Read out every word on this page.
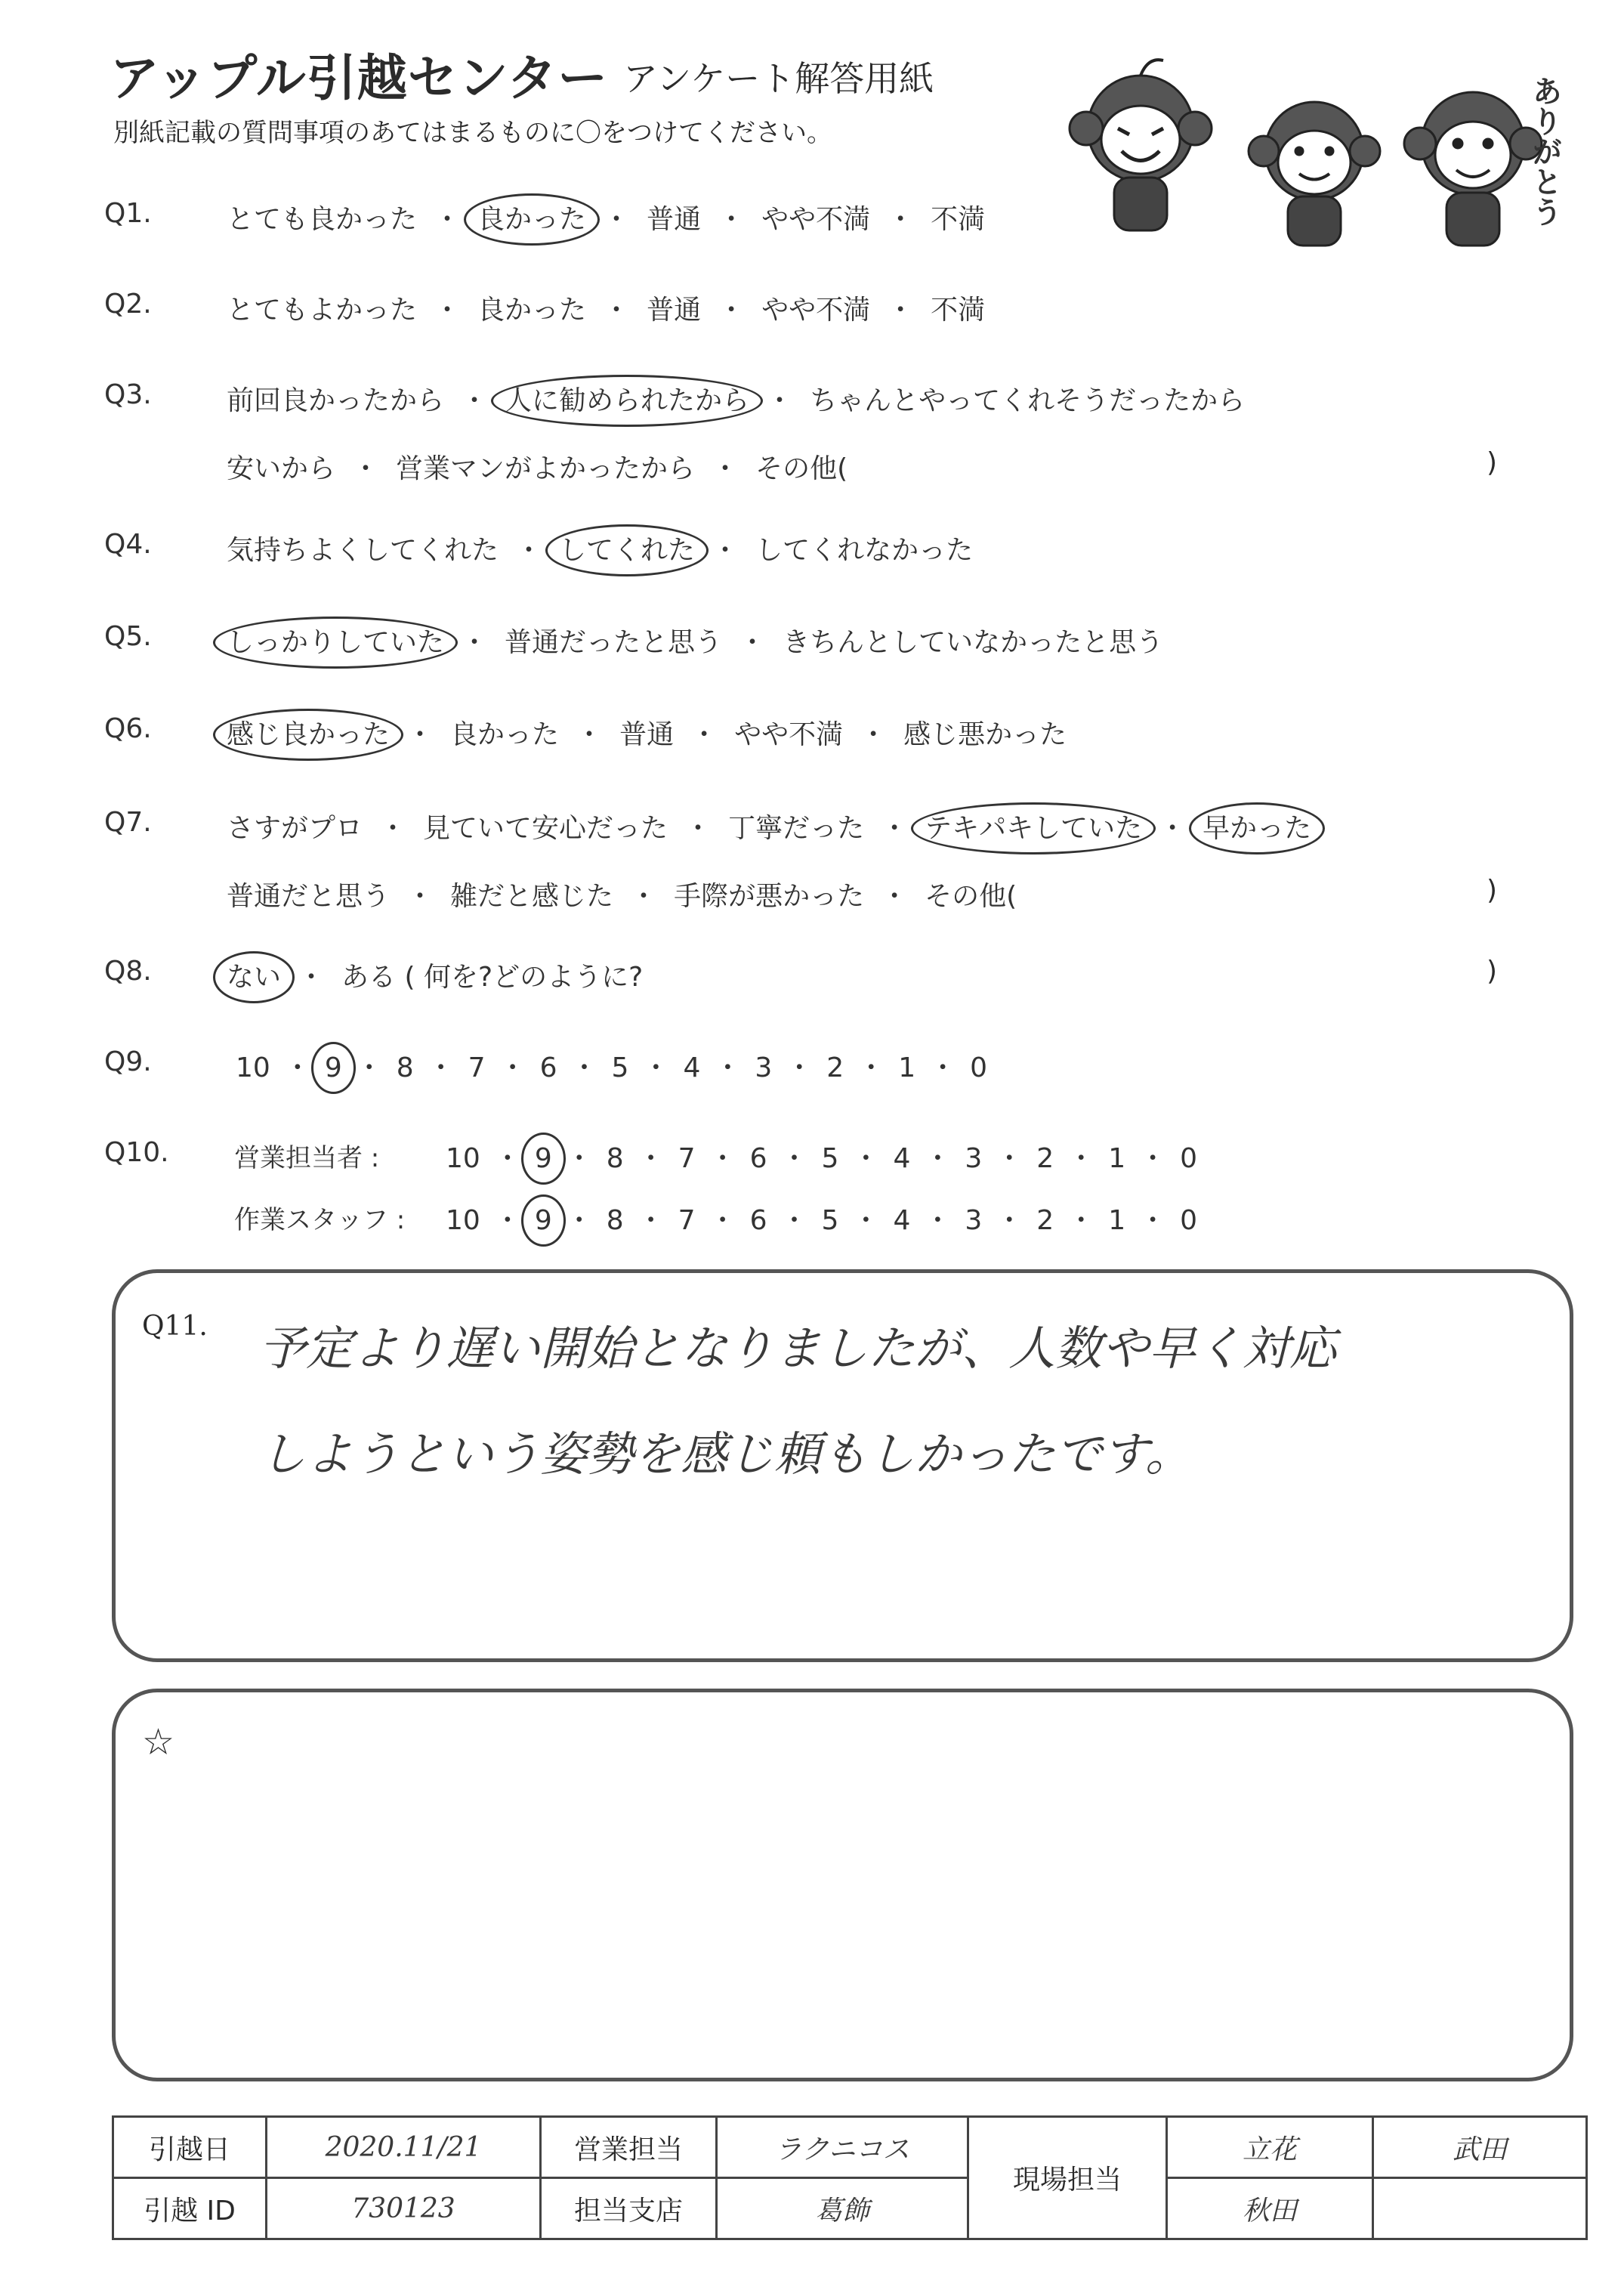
アップル引越センター アンケート解答用紙
別紙記載の質問事項のあてはまるものに〇をつけてください。	ありがとう
Q1.	とても良かった ・ 良かった ・ 普通 ・ やや不満 ・ 不満
Q2.	とてもよかった ・ 良かった ・ 普通 ・ やや不満 ・ 不満
Q3.	前回良かったから ・ 人に勧められたから ・ ちゃんとやってくれそうだったから
安いから ・ 営業マンがよかったから ・ その他(	)
Q4.	気持ちよくしてくれた ・ してくれた ・ してくれなかった
Q5.	しっかりしていた ・ 普通だったと思う ・ きちんとしていなかったと思う
Q6.	感じ良かった ・ 良かった ・ 普通 ・ やや不満 ・ 感じ悪かった
Q7.	さすがプロ ・ 見ていて安心だった ・ 丁寧だった ・ テキパキしていた ・ 早かった
普通だと思う ・ 雑だと感じた ・ 手際が悪かった ・ その他(	)
Q8.	ない ・ ある ( 何を?どのように?	)
Q9.	10 ・ 9 ・ 8 ・ 7 ・ 6 ・ 5 ・ 4 ・ 3 ・ 2 ・ 1 ・ 0
Q10.	営業担当者 : 10 ・ 9 ・ 8 ・ 7 ・ 6 ・ 5 ・ 4 ・ 3 ・ 2 ・ 1 ・ 0
作業スタッフ : 10 ・ 9 ・ 8 ・ 7 ・ 6 ・ 5 ・ 4 ・ 3 ・ 2 ・ 1 ・ 0
Q11. 予定より遅い開始となりましたが、人数や早く対応
しようという姿勢を感じ頼もしかったです。
☆
引越日	2020.11/21	営業担当	ラクニコス	現場担当	立花	武田
引越 ID	730123	担当支店	葛飾		秋田	
